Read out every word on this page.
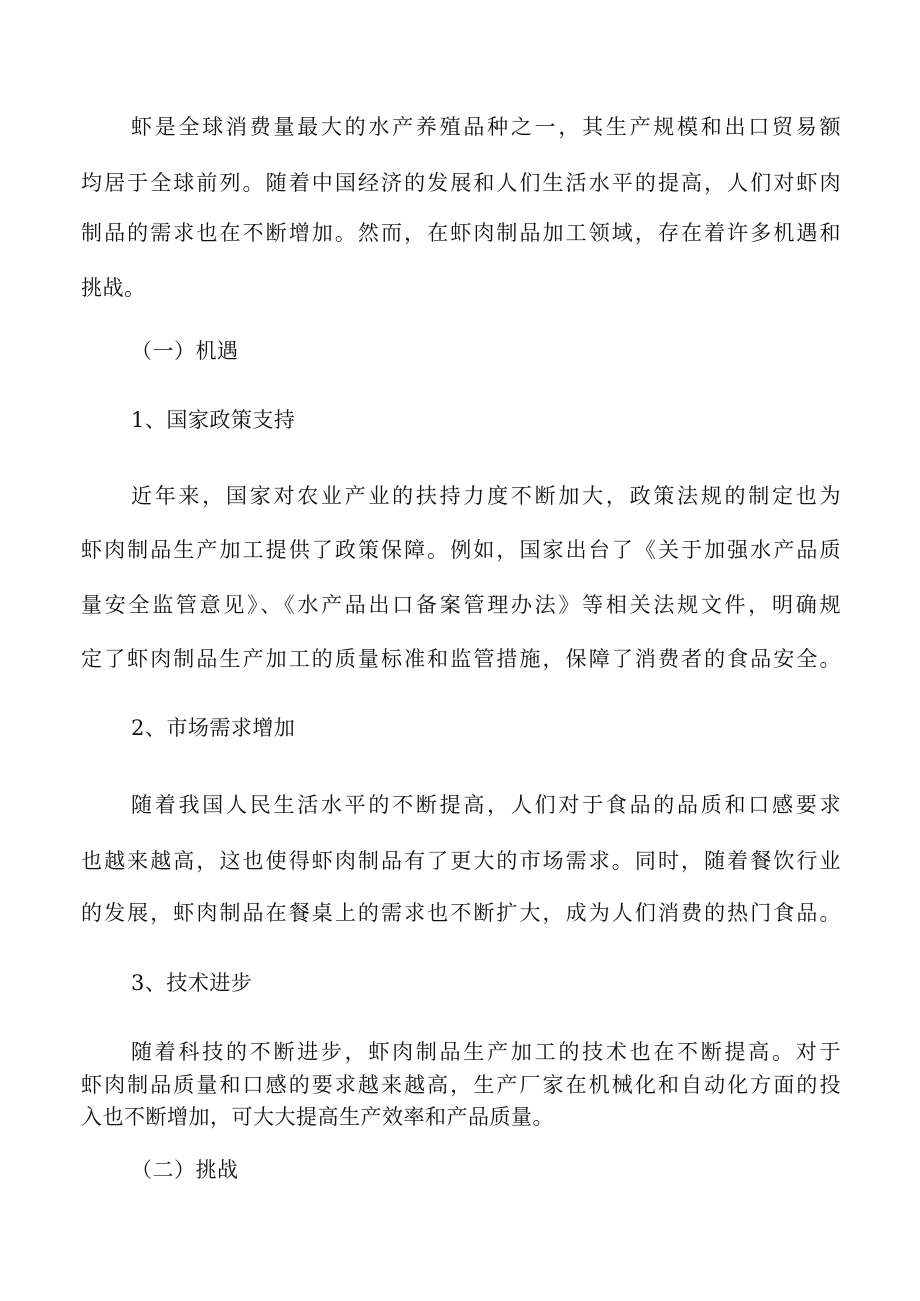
虾是全球消费量最大的水产养殖品种之一，其生产规模和出口贸易额
均居于全球前列。随着中国经济的发展和人们生活水平的提高，人们对虾肉
制品的需求也在不断增加。然而，在虾肉制品加工领域，存在着许多机遇和
挑战。
（一）机遇
1、国家政策支持
近年来，国家对农业产业的扶持力度不断加大，政策法规的制定也为
虾肉制品生产加工提供了政策保障。例如，国家出台了《关于加强水产品质
量安全监管意见》、《水产品出口备案管理办法》等相关法规文件，明确规
定了虾肉制品生产加工的质量标准和监管措施，保障了消费者的食品安全。
2、市场需求增加
随着我国人民生活水平的不断提高，人们对于食品的品质和口感要求
也越来越高，这也使得虾肉制品有了更大的市场需求。同时，随着餐饮行业
的发展，虾肉制品在餐桌上的需求也不断扩大，成为人们消费的热门食品。
3、技术进步
随着科技的不断进步，虾肉制品生产加工的技术也在不断提高。对于
虾肉制品质量和口感的要求越来越高，生产厂家在机械化和自动化方面的投
入也不断增加，可大大提高生产效率和产品质量。
（二）挑战
